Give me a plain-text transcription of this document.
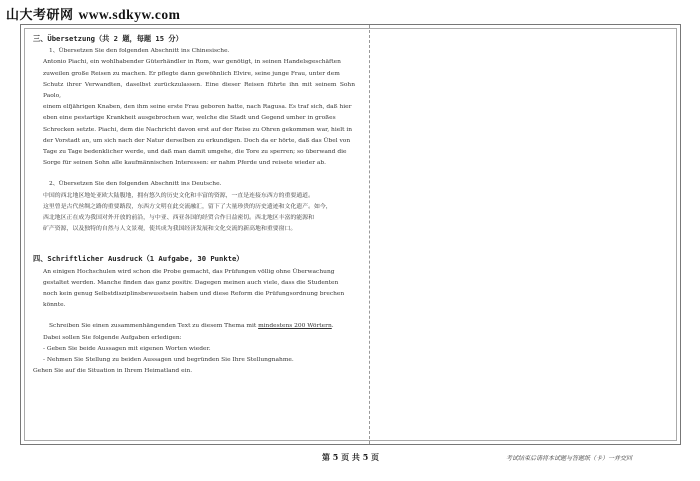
山大考研网 www.sdkyw.com
三、Übersetzung（共 2 题，每题 15 分）

1、Übersetzen Sie den folgenden Abschnitt ins Chinesische.

Antonio Piachi, ein wohlhabender Güterhändler in Rom, war genötigt, in seinen Handelsgeschäften

zuweilen große Reisen zu machen. Er pflegte dann gewöhnlich Elvire, seine junge Frau, unter dem

Schutz ihrer Verwandten, daselbst zurückzulassen. Eine dieser Reisen führte ihn mit seinem Sohn Paolo,

einem elfjährigen Knaben, den ihm seine erste Frau geboren hatte, nach Ragusa. Es traf sich, daß hier

eben eine pestartige Krankheit ausgebrochen war, welche die Stadt und Gegend umher in großes

Schrecken setzte. Piachi, dem die Nachricht davon erst auf der Reise zu Ohren gekommen war, hielt in

der Vorstadt an, um sich nach der Natur derselben zu erkundigen. Doch da er hörte, daß das Übel von

Tage zu Tage bedenklicher werde, und daß man damit umgehe, die Tore zu sperren; so überwand die

Sorge für seinen Sohn alle kaufmännischen Interessen: er nahm Pferde und reisete wieder ab.

2、Übersetzen Sie den folgenden Abschnitt ins Deutsche.

中国的西北地区地处亚欧大陆腹地，拥有悠久的历史文化和丰富的资源，一直是连接东西方的重要通道。

这里曾是古代丝绸之路的重要路段，东西方文明在此交流融汇，留下了大量珍贵的历史遗迹和文化遗产。如今，

西北地区正在成为我国对外开放的前沿，与中亚、西亚各国的经贸合作日益密切。西北地区丰富的能源和

矿产资源，以及独特的自然与人文景观，使其成为我国经济发展和文化交流的新高地和重要窗口。

四、Schriftlicher Ausdruck（1 Aufgabe, 30 Punkte）

An einigen Hochschulen wird schon die Probe gemacht, das Prüfungen völlig ohne Überwachung

gestaltet werden. Manche finden das ganz positiv. Dagegen meinen auch viele, dass die Studenten

noch kein genug Selbstdisziplinsbewusstsein haben und diese Reform die Prüfungsordnung brechen

könnte.

Schreiben Sie einen zusammenhängenden Text zu diesem Thema mit mindestens 200 Wörtern.

Dabei sollen Sie folgende Aufgaben erledigen:

- Geben Sie beide Aussagen mit eigenen Worten wieder.

- Nehmen Sie Stellung zu beiden Aussagen und begründen Sie Ihre Stellungnahme.

Gehen Sie auf die Situation in Ihrem Heimatland ein.
第 5 页 共 5 页	考试结束后请将本试题与答题纸（卡）一并交回
